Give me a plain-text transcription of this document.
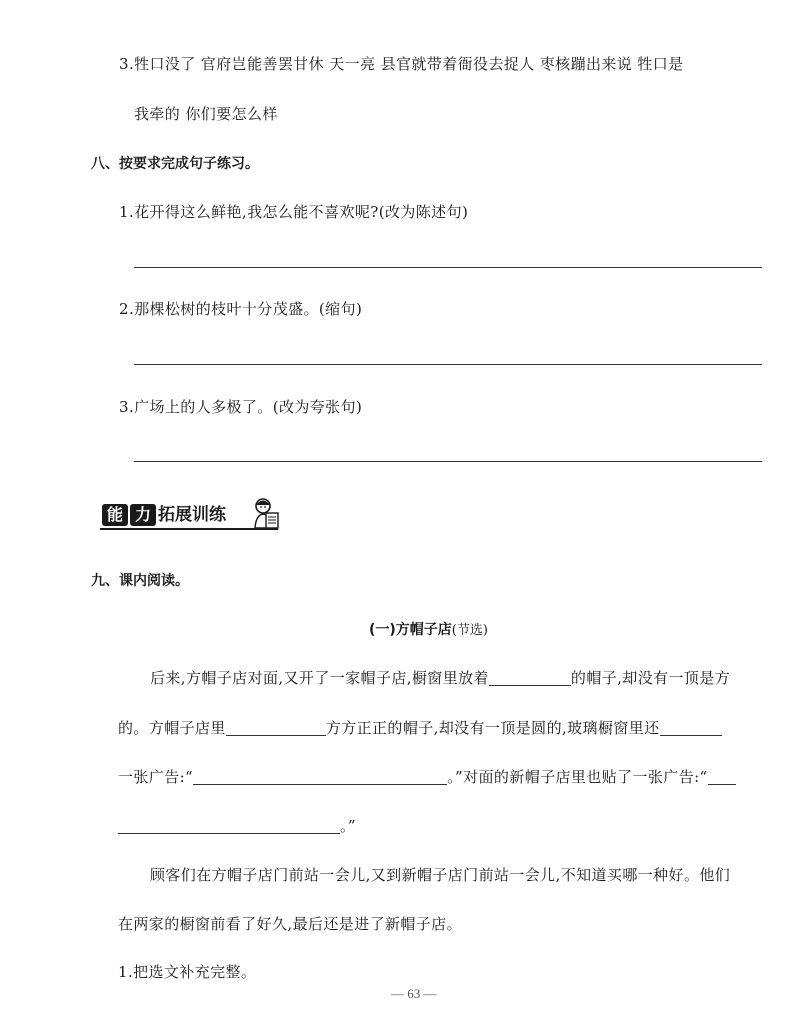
3.牲口没了 官府岂能善罢甘休 天一亮 县官就带着衙役去捉人 枣核蹦出来说 牲口是
我牵的 你们要怎么样
八、按要求完成句子练习。
1.花开得这么鲜艳,我怎么能不喜欢呢?(改为陈述句)
2.那棵松树的枝叶十分茂盛。(缩句)
3.广场上的人多极了。(改为夸张句)
能 力 拓展训练
九、课内阅读。
(一)方帽子店(节选)
后来,方帽子店对面,又开了一家帽子店,橱窗里放着	的帽子,却没有一顶是方
的。方帽子店里	方方正正的帽子,却没有一顶是圆的,玻璃橱窗里还
一张广告:“	。”对面的新帽子店里也贴了一张广告:“
。”
顾客们在方帽子店门前站一会儿,又到新帽子店门前站一会儿,不知道买哪一种好。他们
在两家的橱窗前看了好久,最后还是进了新帽子店。
1.把选文补充完整。
— 63 —
